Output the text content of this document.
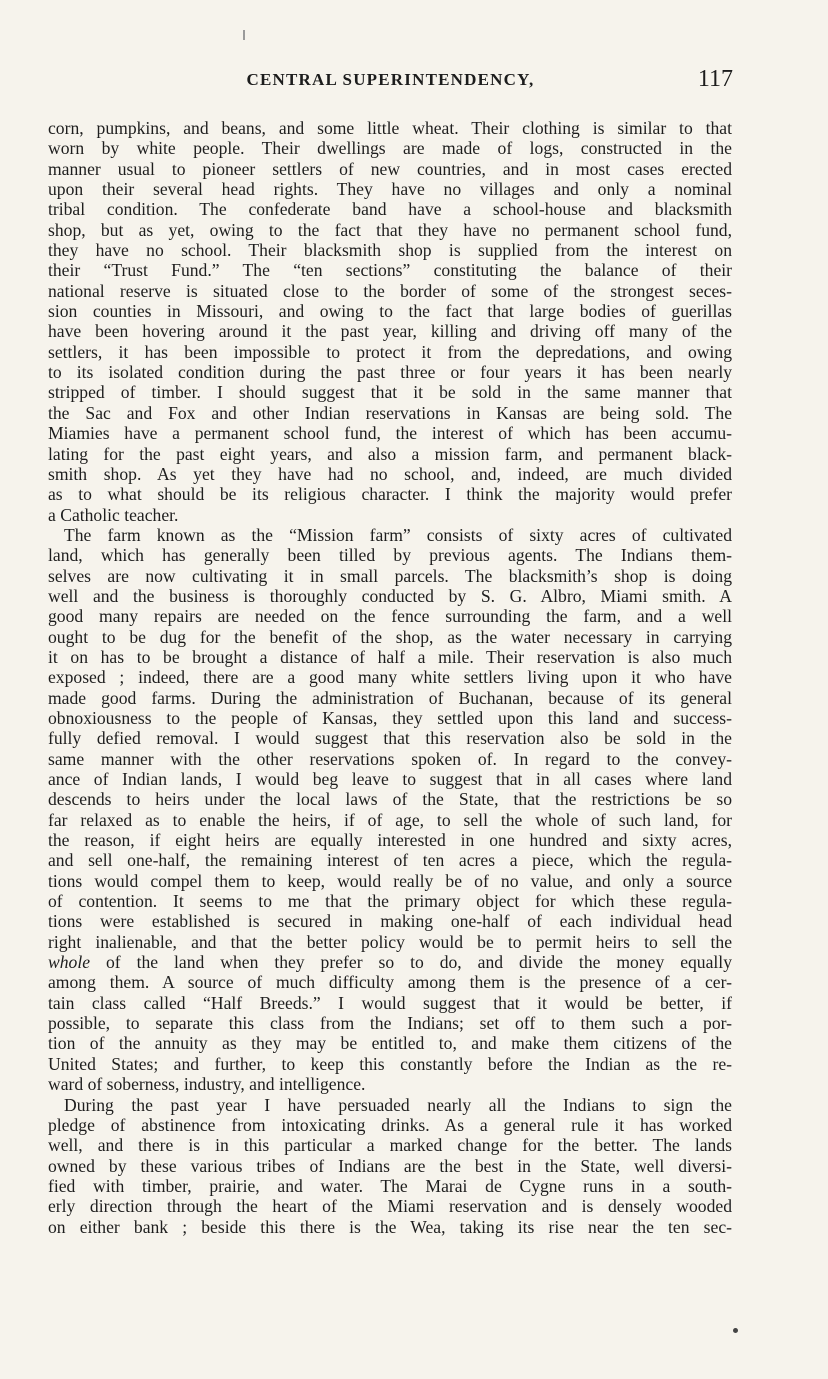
CENTRAL SUPERINTENDENCY,	117

corn, pumpkins, and beans, and some little wheat. Their clothing is similar to that
worn by white people. Their dwellings are made of logs, constructed in the
manner usual to pioneer settlers of new countries, and in most cases erected
upon their several head rights. They have no villages and only a nominal
tribal condition. The confederate band have a school-house and blacksmith
shop, but as yet, owing to the fact that they have no permanent school fund,
they have no school. Their blacksmith shop is supplied from the interest on
their “Trust Fund.” The “ten sections” constituting the balance of their
national reserve is situated close to the border of some of the strongest seces-
sion counties in Missouri, and owing to the fact that large bodies of guerillas
have been hovering around it the past year, killing and driving off many of the
settlers, it has been impossible to protect it from the depredations, and owing
to its isolated condition during the past three or four years it has been nearly
stripped of timber. I should suggest that it be sold in the same manner that
the Sac and Fox and other Indian reservations in Kansas are being sold. The
Miamies have a permanent school fund, the interest of which has been accumu-
lating for the past eight years, and also a mission farm, and permanent black-
smith shop. As yet they have had no school, and, indeed, are much divided
as to what should be its religious character. I think the majority would prefer
a Catholic teacher.

The farm known as the “Mission farm” consists of sixty acres of cultivated
land, which has generally been tilled by previous agents. The Indians them-
selves are now cultivating it in small parcels. The blacksmith’s shop is doing
well and the business is thoroughly conducted by S. G. Albro, Miami smith. A
good many repairs are needed on the fence surrounding the farm, and a well
ought to be dug for the benefit of the shop, as the water necessary in carrying
it on has to be brought a distance of half a mile. Their reservation is also much
exposed ; indeed, there are a good many white settlers living upon it who have
made good farms. During the administration of Buchanan, because of its general
obnoxiousness to the people of Kansas, they settled upon this land and success-
fully defied removal. I would suggest that this reservation also be sold in the
same manner with the other reservations spoken of. In regard to the convey-
ance of Indian lands, I would beg leave to suggest that in all cases where land
descends to heirs under the local laws of the State, that the restrictions be so
far relaxed as to enable the heirs, if of age, to sell the whole of such land, for
the reason, if eight heirs are equally interested in one hundred and sixty acres,
and sell one-half, the remaining interest of ten acres a piece, which the regula-
tions would compel them to keep, would really be of no value, and only a source
of contention. It seems to me that the primary object for which these regula-
tions were established is secured in making one-half of each individual head
right inalienable, and that the better policy would be to permit heirs to sell the
whole of the land when they prefer so to do, and divide the money equally
among them. A source of much difficulty among them is the presence of a cer-
tain class called “Half Breeds.” I would suggest that it would be better, if
possible, to separate this class from the Indians; set off to them such a por-
tion of the annuity as they may be entitled to, and make them citizens of the
United States; and further, to keep this constantly before the Indian as the re-
ward of soberness, industry, and intelligence.

During the past year I have persuaded nearly all the Indians to sign the
pledge of abstinence from intoxicating drinks. As a general rule it has worked
well, and there is in this particular a marked change for the better. The lands
owned by these various tribes of Indians are the best in the State, well diversi-
fied with timber, prairie, and water. The Marai de Cygne runs in a south-
erly direction through the heart of the Miami reservation and is densely wooded
on either bank ; beside this there is the Wea, taking its rise near the ten sec-
